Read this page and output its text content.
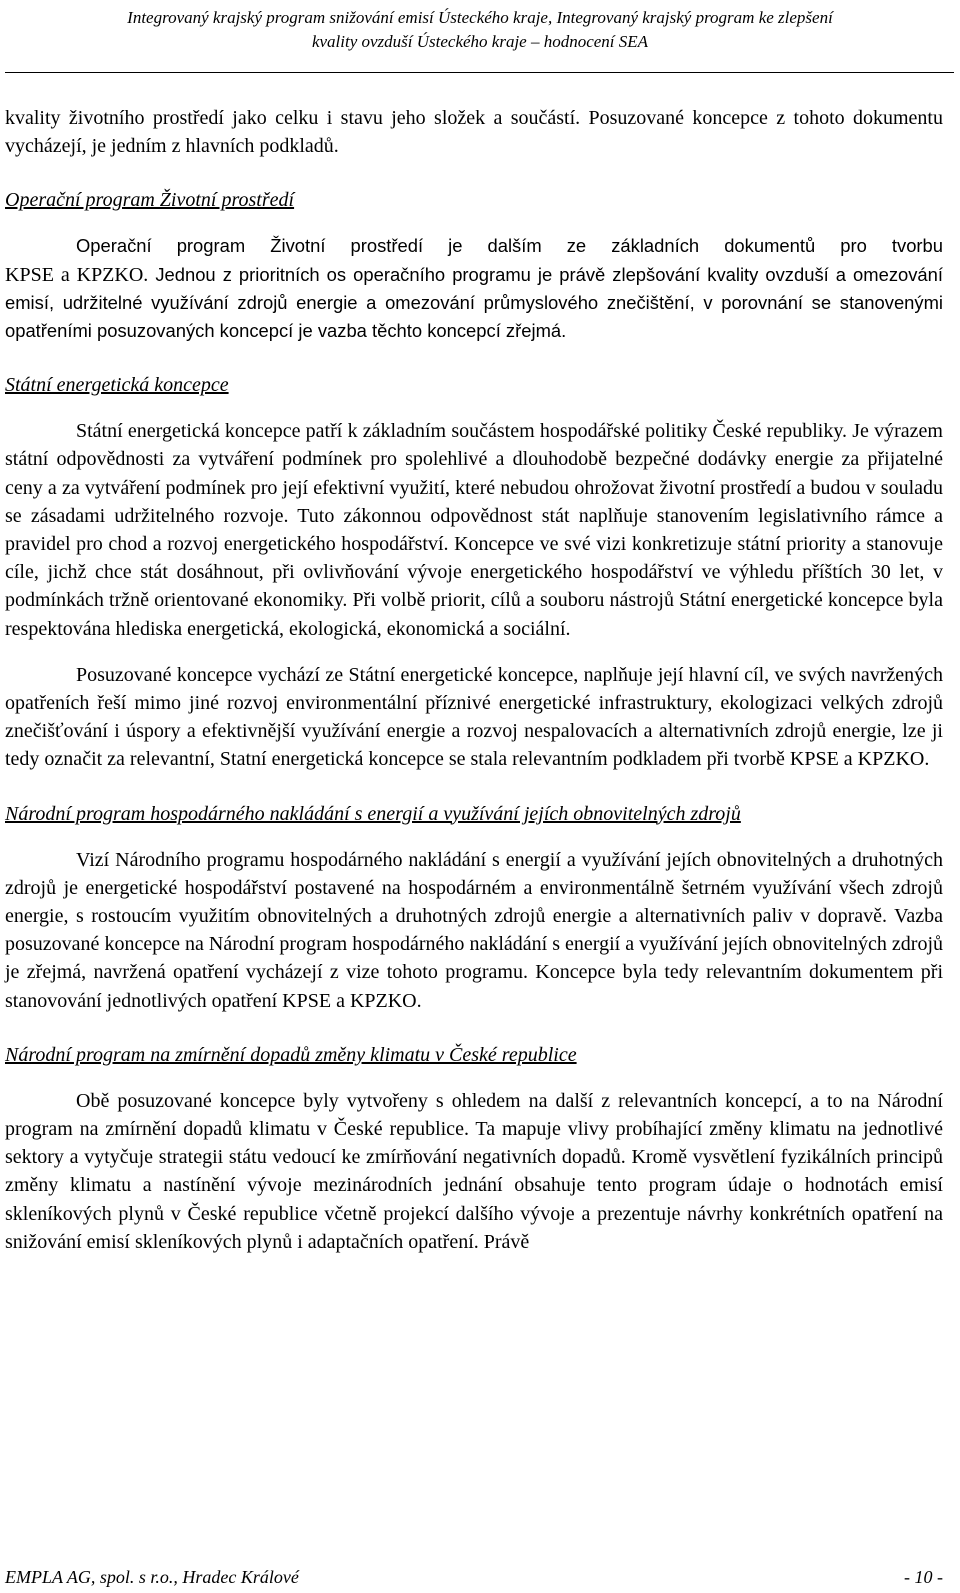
Integrovaný krajský program snižování emisí Ústeckého kraje, Integrovaný krajský program ke zlepšení
kvality ovzduší Ústeckého kraje – hodnocení SEA

kvality životního prostředí jako celku i stavu jeho složek a součástí. Posuzované koncepce z tohoto dokumentu vycházejí, je jedním z hlavních podkladů.

Operační program Životní prostředí

Operační program Životní prostředí je dalším ze základních dokumentů pro tvorbu
KPSE a KPZKO. Jednou z prioritních os operačního programu je právě zlepšování kvality ovzduší a omezování emisí, udržitelné využívání zdrojů energie a omezování průmyslového znečištění, v porovnání se stanovenými opatřeními posuzovaných koncepcí je vazba těchto koncepcí zřejmá.

Státní energetická koncepce

Státní energetická koncepce patří k základním součástem hospodářské politiky České republiky. Je výrazem státní odpovědnosti za vytváření podmínek pro spolehlivé a dlouhodobě bezpečné dodávky energie za přijatelné ceny a za vytváření podmínek pro její efektivní využití, které nebudou ohrožovat životní prostředí a budou v souladu se zásadami udržitelného rozvoje. Tuto zákonnou odpovědnost stát naplňuje stanovením legislativního rámce a pravidel pro chod a rozvoj energetického hospodářství. Koncepce ve své vizi konkretizuje státní priority a stanovuje cíle, jichž chce stát dosáhnout, při ovlivňování vývoje energetického hospodářství ve výhledu příštích 30 let, v podmínkách tržně orientované ekonomiky. Při volbě priorit, cílů a souboru nástrojů Státní energetické koncepce byla respektována hlediska energetická, ekologická, ekonomická a sociální.

Posuzované koncepce vychází ze Státní energetické koncepce, naplňuje její hlavní cíl, ve svých navržených opatřeních řeší mimo jiné rozvoj environmentální příznivé energetické infrastruktury, ekologizaci velkých zdrojů znečišťování i úspory a efektivnější využívání energie a rozvoj nespalovacích a alternativních zdrojů energie, lze ji tedy označit za relevantní, Statní energetická koncepce se stala relevantním podkladem při tvorbě KPSE a KPZKO.

Národní program hospodárného nakládání s energií a využívání jejích obnovitelných zdrojů

Vizí Národního programu hospodárného nakládání s energií a využívání jejích obnovitelných a druhotných zdrojů je energetické hospodářství postavené na hospodárném a environmentálně šetrném využívání všech zdrojů energie, s rostoucím využitím obnovitelných a druhotných zdrojů energie a alternativních paliv v dopravě. Vazba posuzované koncepce na Národní program hospodárného nakládání s energií a využívání jejích obnovitelných zdrojů je zřejmá, navržená opatření vycházejí z vize tohoto programu. Koncepce byla tedy relevantním dokumentem při stanovování jednotlivých opatření KPSE a KPZKO.

Národní program na zmírnění dopadů změny klimatu v České republice

Obě posuzované koncepce byly vytvořeny s ohledem na další z relevantních koncepcí, a to na Národní program na zmírnění dopadů klimatu v České republice. Ta mapuje vlivy probíhající změny klimatu na jednotlivé sektory a vytyčuje strategii státu vedoucí ke zmírňování negativních dopadů. Kromě vysvětlení fyzikálních principů změny klimatu a nastínění vývoje mezinárodních jednání obsahuje tento program údaje o hodnotách emisí skleníkových plynů v České republice včetně projekcí dalšího vývoje a prezentuje návrhy konkrétních opatření na snižování emisí skleníkových plynů i adaptačních opatření. Právě

EMPLA AG, spol. s r.o., Hradec Králové	- 10 -
